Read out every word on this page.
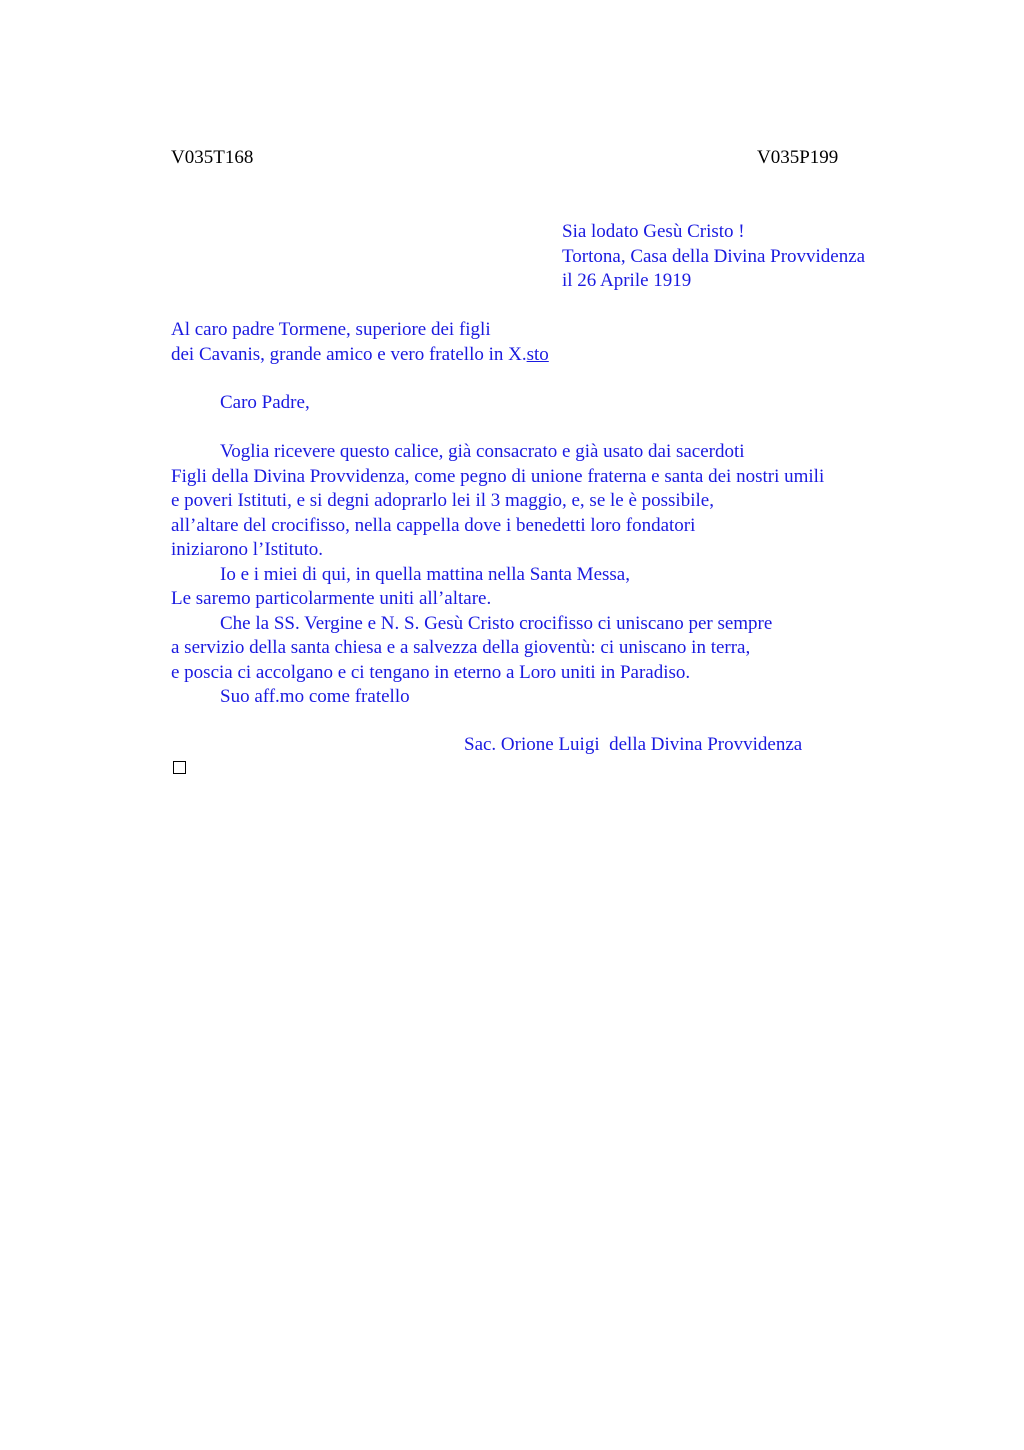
V035T168	V035P199
Sia lodato Gesù Cristo !
Tortona, Casa della Divina Provvidenza
il 26 Aprile 1919
Al caro padre Tormene, superiore dei figli
dei Cavanis, grande amico e vero fratello in X.sto
Caro Padre,
Voglia ricevere questo calice, già consacrato e già usato dai sacerdoti
Figli della Divina Provvidenza, come pegno di unione fraterna e santa dei nostri umili
e poveri Istituti, e si degni adoprarlo lei il 3 maggio, e, se le è possibile,
all’altare del crocifisso, nella cappella dove i benedetti loro fondatori
iniziarono l’Istituto.
Io e i miei di qui, in quella mattina nella Santa Messa,
Le saremo particolarmente uniti all’altare.
Che la SS. Vergine e N. S. Gesù Cristo crocifisso ci uniscano per sempre
a servizio della santa chiesa e a salvezza della gioventù: ci uniscano in terra,
e poscia ci accolgano e ci tengano in eterno a Loro uniti in Paradiso.
Suo aff.mo come fratello
Sac. Orione Luigi  della Divina Provvidenza
